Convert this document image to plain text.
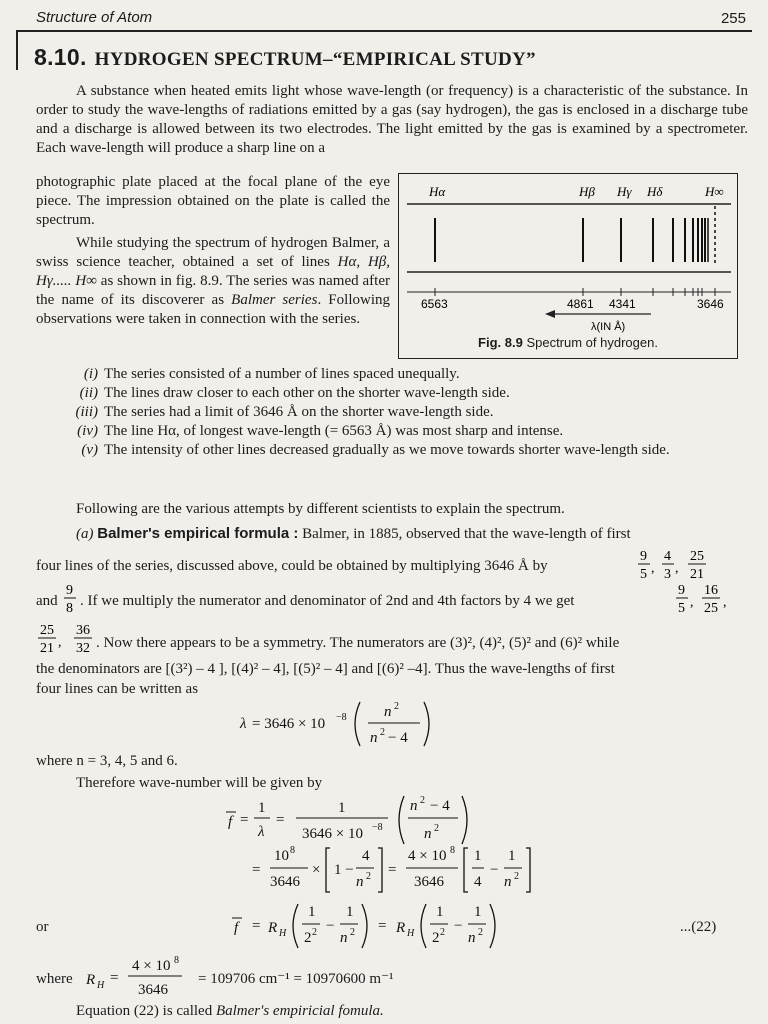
Structure of Atom	255
8.10. HYDROGEN SPECTRUM–“EMPIRICAL STUDY”
A substance when heated emits light whose wave-length (or frequency) is a characteristic of the substance. In order to study the wave-lengths of radiations emitted by a gas (say hydrogen), the gas is enclosed in a discharge tube and a discharge is allowed between its two electrodes. The light emitted by the gas is examined by a spectrometer. Each wave-length will produce a sharp line on a
photographic plate placed at the focal plane of the eye piece. The impression obtained on the plate is called the spectrum.
While studying the spectrum of hydrogen Balmer, a swiss science teacher, obtained a set of lines Hα, Hβ, Hγ..... H∞ as shown in fig. 8.9. The series was named after the name of its discoverer as Balmer series. Following observations were taken in connection with the series.
Hα	Hβ Hγ Hδ	H∞
6563	4861 4341	3646
λ(IN Å)
Fig. 8.9 Spectrum of hydrogen.
(i) The series consisted of a number of lines spaced unequally.
(ii) The lines draw closer to each other on the shorter wave-length side.
(iii) The series had a limit of 3646 Å on the shorter wave-length side.
(iv) The line Hα, of longest wave-length (= 6563 Å) was most sharp and intense.
(v) The intensity of other lines decreased gradually as we move towards shorter wave-length side.
Following are the various attempts by different scientists to explain the spectrum.
(a) Balmer's empirical formula : Balmer, in 1885, observed that the wave-length of first
four lines of the series, discussed above, could be obtained by multiplying 3646 Å by
9
5 ,
4
3 ,
25
21
and
9
8 . If we multiply the numerator and denominator of 2nd and 4th factors by 4 we get
9
5 ,
16
25 ,
25
21 ,
36
32 . Now there appears to be a symmetry. The numerators are (3)², (4)², (5)² and (6)² while
the denominators are [(3²) – 4 ], [(4)² – 4], [(5)² – 4] and [(6)² –4]. Thus the wave-lengths of first
four lines can be written as
λ = 3646 × 10 −8 n 2
n 2 − 4
where n = 3, 4, 5 and 6.
Therefore wave-number will be given by
f =
1
λ
=
1
3646 × 10 −8
n 2 − 4
n 2
=
10 8
3646
× 1 −
4
n 2 =
4 × 10 8
3646
1
4
−
1
n 2
or	f = R H
1
2 2 −
1
n 2 = R H
1
2 2 −
1
n 2	...(22)
where R H =
4 × 10 8
3646
= 109706 cm⁻¹ = 10970600 m⁻¹
Equation (22) is called Balmer's empiricial fomula.
